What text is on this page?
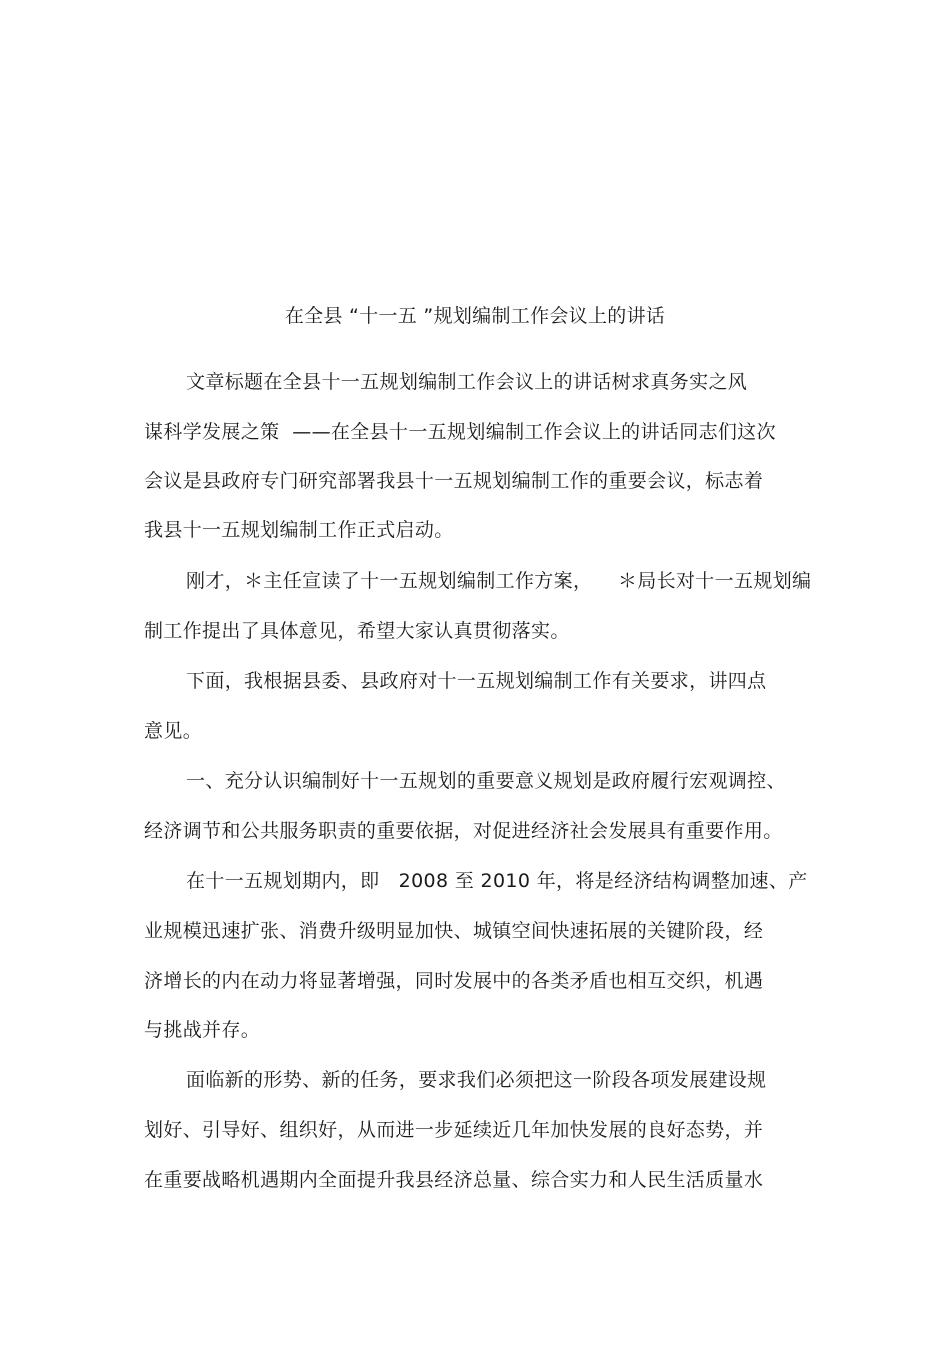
在全县 “十一五 ”规划编制工作会议上的讲话
文章标题在全县十一五规划编制工作会议上的讲话树求真务实之风
谋科学发展之策  ——在全县十一五规划编制工作会议上的讲话同志们这次
会议是县政府专门研究部署我县十一五规划编制工作的重要会议，标志着
我县十一五规划编制工作正式启动。
刚才，＊主任宣读了十一五规划编制工作方案，    ＊局长对十一五规划编
制工作提出了具体意见，希望大家认真贯彻落实。
下面，我根据县委、县政府对十一五规划编制工作有关要求，讲四点
意见。
一、充分认识编制好十一五规划的重要意义规划是政府履行宏观调控、
经济调节和公共服务职责的重要依据，对促进经济社会发展具有重要作用。
在十一五规划期内，即   2008 至 2010 年，将是经济结构调整加速、产
业规模迅速扩张、消费升级明显加快、城镇空间快速拓展的关键阶段，经
济增长的内在动力将显著增强，同时发展中的各类矛盾也相互交织，机遇
与挑战并存。
面临新的形势、新的任务，要求我们必须把这一阶段各项发展建设规
划好、引导好、组织好，从而进一步延续近几年加快发展的良好态势，并
在重要战略机遇期内全面提升我县经济总量、综合实力和人民生活质量水
